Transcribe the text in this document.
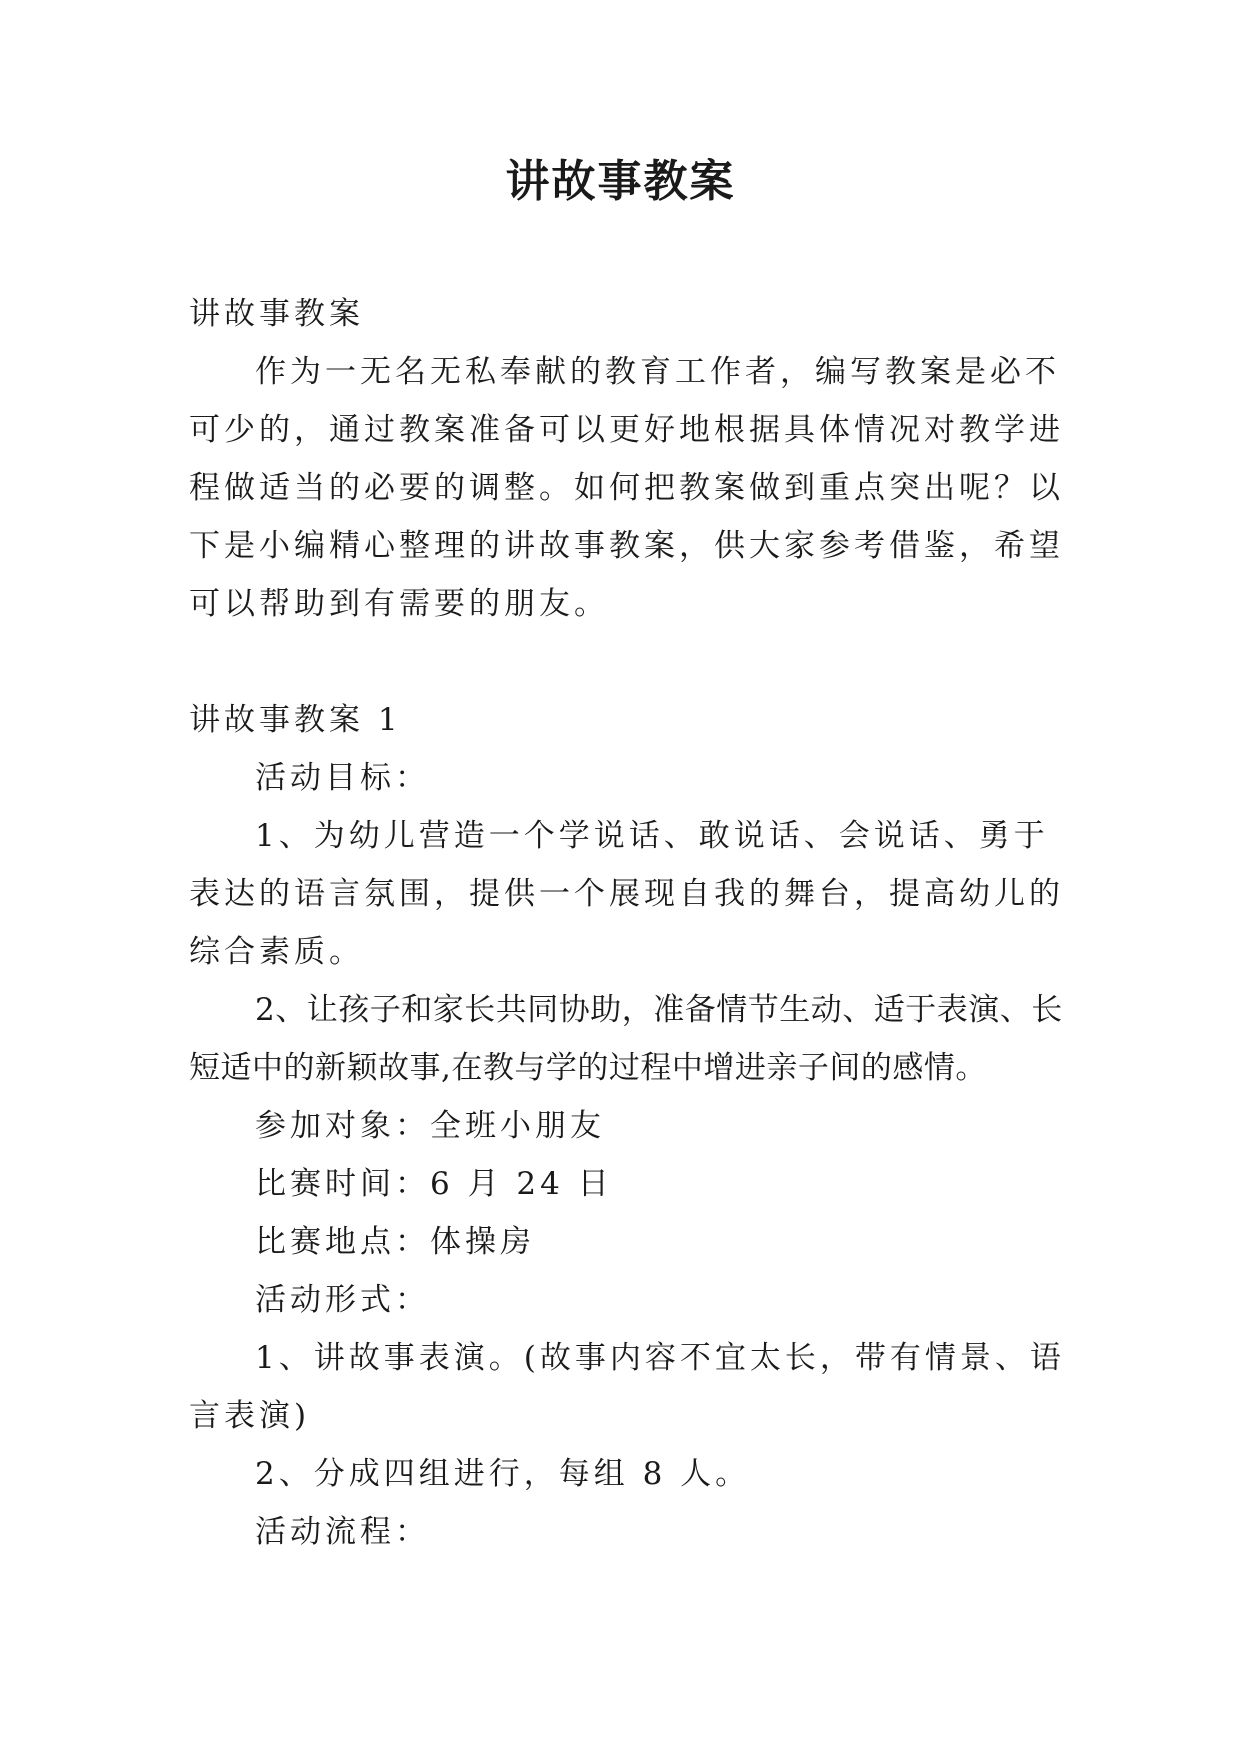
讲故事教案

讲故事教案

作为一无名无私奉献的教育工作者，编写教案是必不可少的，通过教案准备可以更好地根据具体情况对教学进程做适当的必要的调整。如何把教案做到重点突出呢？以下是小编精心整理的讲故事教案，供大家参考借鉴，希望可以帮助到有需要的朋友。

讲故事教案 1

活动目标：

1、为幼儿营造一个学说话、敢说话、会说话、勇于表达的语言氛围，提供一个展现自我的舞台，提高幼儿的综合素质。

2、让孩子和家长共同协助，准备情节生动、适于表演、长短适中的新颖故事,在教与学的过程中增进亲子间的感情。

参加对象：全班小朋友

比赛时间：6 月 24 日

比赛地点：体操房

活动形式：

1、讲故事表演。(故事内容不宜太长，带有情景、语言表演)

2、分成四组进行，每组 8 人。

活动流程：
